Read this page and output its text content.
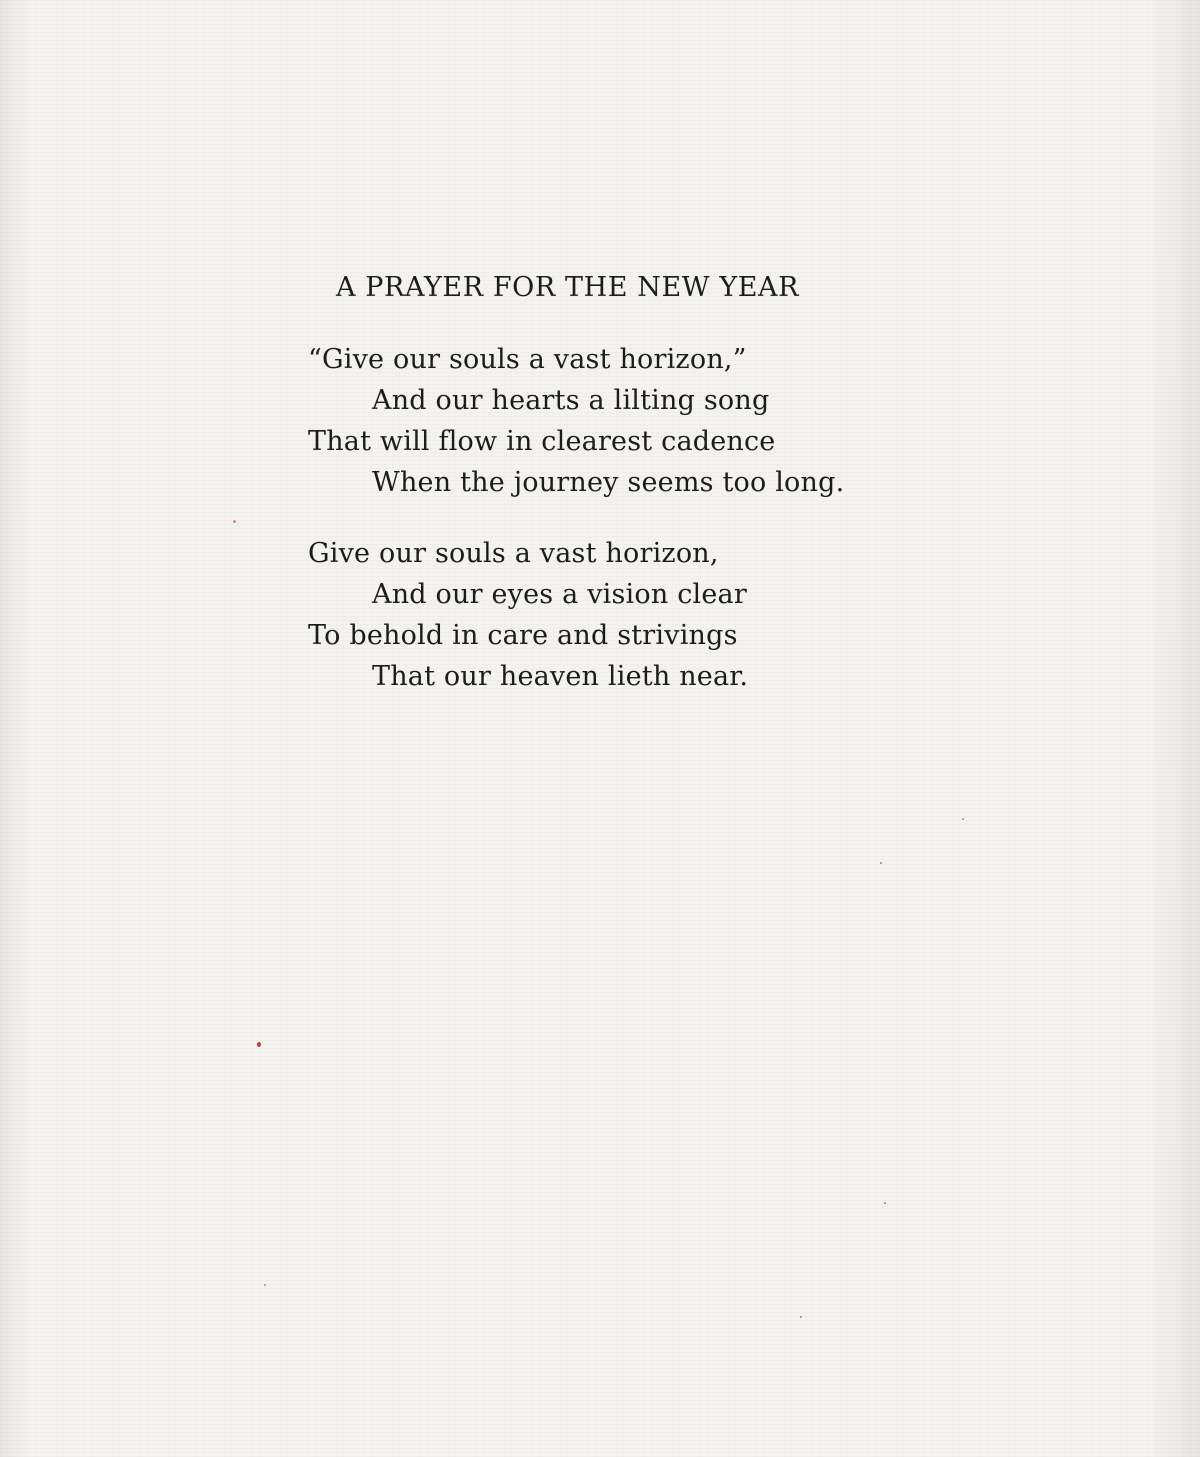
A PRAYER FOR THE NEW YEAR

“Give our souls a vast horizon,”

And our hearts a lilting song

That will flow in clearest cadence

When the journey seems too long.

Give our souls a vast horizon,

And our eyes a vision clear

To behold in care and strivings

That our heaven lieth near.
